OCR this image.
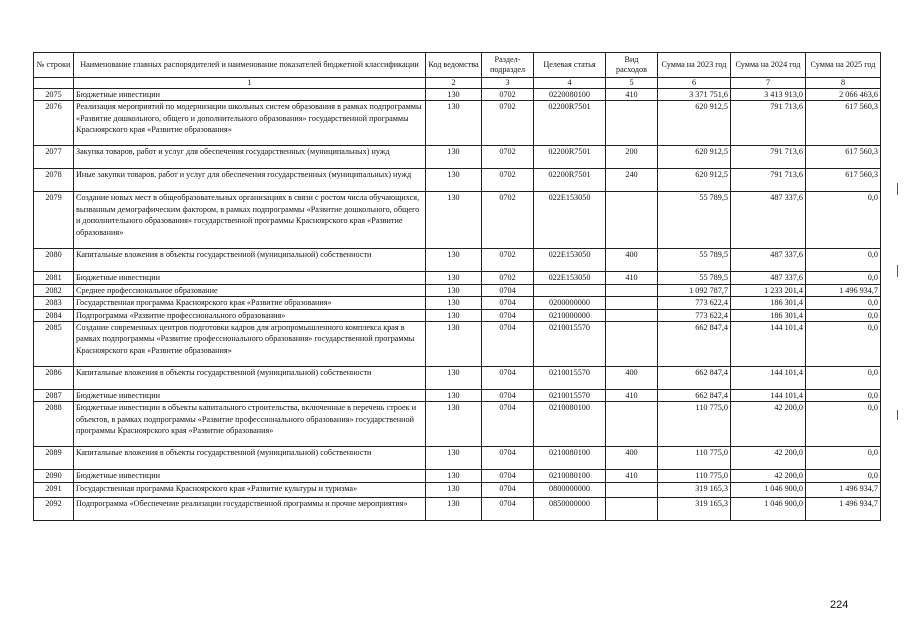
№ строки	Наименование главных распорядителей и наименование показателей бюджетной классификации	Код ведомства	Раздел-подраздел	Целевая статья	Вид расходов	Сумма на 2023 год	Сумма на 2024 год	Сумма на 2025 год
	1	2	3	4	5	6	7	8
2075	Бюджетные инвестиции	130	0702	0220080100	410	3 371 751,6	3 413 913,0	2 066 463,6
2076	Реализация мероприятий по модернизации школьных систем образования в рамках подпрограммы «Развитие дошкольного, общего и дополнительного образования» государственной программы Красноярского края «Развитие образования»	130	0702	02200R7501		620 912,5	791 713,6	617 560,3
2077	Закупка товаров, работ и услуг для обеспечения государственных (муниципальных) нужд	130	0702	02200R7501	200	620 912,5	791 713,6	617 560,3
2078	Иные закупки товаров, работ и услуг для обеспечения государственных (муниципальных) нужд	130	0702	02200R7501	240	620 912,5	791 713,6	617 560,3
2079	Создание новых мест в общеобразовательных организациях в связи с ростом числа обучающихся, вызванным демографическим фактором, в рамках подпрограммы «Развитие дошкольного, общего и дополнительного образования» государственной программы Красноярского края «Развитие образования»	130	0702	022E153050		55 789,5	487 337,6	0,0
2080	Капитальные вложения в объекты государственной (муниципальной) собственности	130	0702	022E153050	400	55 789,5	487 337,6	0,0
2081	Бюджетные инвестиции	130	0702	022E153050	410	55 789,5	487 337,6	0,0
2082	Среднее профессиональное образование	130	0704			1 092 787,7	1 233 201,4	1 496 934,7
2083	Государственная программа Красноярского края «Развитие образования»	130	0704	0200000000		773 622,4	186 301,4	0,0
2084	Подпрограмма «Развитие профессионального образования»	130	0704	0210000000		773 622,4	186 301,4	0,0
2085	Создание современных центров подготовки кадров для агропромышленного комплекса края в рамках подпрограммы «Развитие профессионального образования» государственной программы Красноярского края «Развитие образования»	130	0704	0210015570		662 847,4	144 101,4	0,0
2086	Капитальные вложения в объекты государственной (муниципальной) собственности	130	0704	0210015570	400	662 847,4	144 101,4	0,0
2087	Бюджетные инвестиции	130	0704	0210015570	410	662 847,4	144 101,4	0,0
2088	Бюджетные инвестиции в объекты капитального строительства, включенные в перечень строек и объектов, в рамках подпрограммы «Развитие профессионального образования» государственной программы Красноярского края «Развитие образования»	130	0704	0210080100		110 775,0	42 200,0	0,0
2089	Капитальные вложения в объекты государственной (муниципальной) собственности	130	0704	0210080100	400	110 775,0	42 200,0	0,0
2090	Бюджетные инвестиции	130	0704	0210080100	410	110 775,0	42 200,0	0,0
2091	Государственная программа Красноярского края «Развитие культуры и туризма»	130	0704	0800000000		319 165,3	1 046 900,0	1 496 934,7
2092	Подпрограмма «Обеспечение реализации государственной программы и прочие мероприятия»	130	0704	0850000000		319 165,3	1 046 900,0	1 496 934,7
224
